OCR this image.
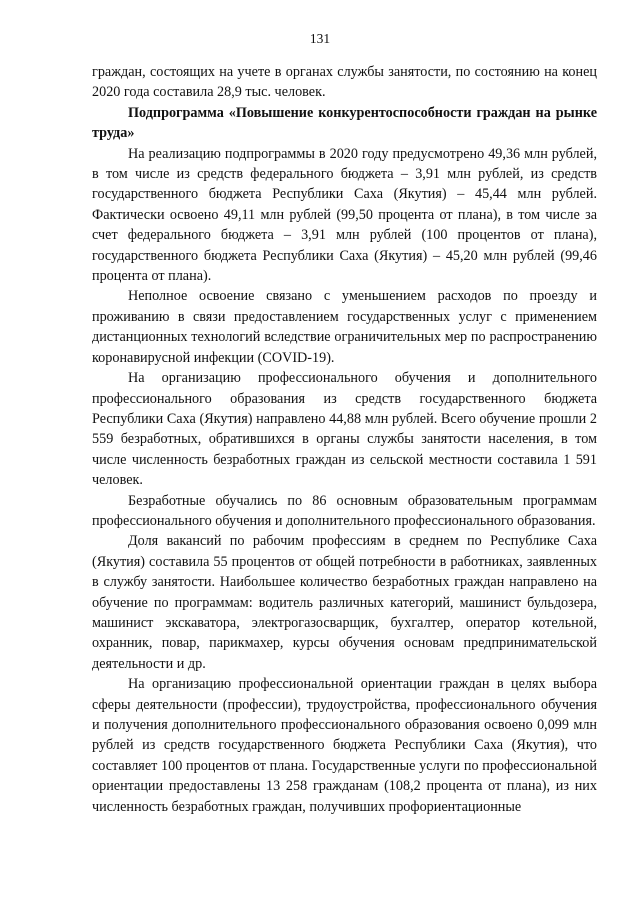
131

граждан, состоящих на учете в органах службы занятости, по состоянию на конец 2020 года составила 28,9 тыс. человек.

Подпрограмма «Повышение конкурентоспособности граждан на рынке труда»

На реализацию подпрограммы в 2020 году предусмотрено 49,36 млн рублей, в том числе из средств федерального бюджета – 3,91 млн рублей, из средств государственного бюджета Республики Саха (Якутия) – 45,44 млн рублей. Фактически освоено 49,11 млн рублей (99,50 процента от плана), в том числе за счет федерального бюджета – 3,91 млн рублей (100 процентов от плана), государственного бюджета Республики Саха (Якутия) – 45,20 млн рублей (99,46 процента от плана).

Неполное освоение связано с уменьшением расходов по проезду и проживанию в связи предоставлением государственных услуг с применением дистанционных технологий вследствие ограничительных мер по распространению коронавирусной инфекции (COVID-19).

На организацию профессионального обучения и дополнительного профессионального образования из средств государственного бюджета Республики Саха (Якутия) направлено 44,88 млн рублей. Всего обучение прошли 2 559 безработных, обратившихся в органы службы занятости населения, в том числе численность безработных граждан из сельской местности составила 1 591 человек.

Безработные обучались по 86 основным образовательным программам профессионального обучения и дополнительного профессионального образования.

Доля вакансий по рабочим профессиям в среднем по Республике Саха (Якутия) составила 55 процентов от общей потребности в работниках, заявленных в службу занятости. Наибольшее количество безработных граждан направлено на обучение по программам: водитель различных категорий, машинист бульдозера, машинист экскаватора, электрогазосварщик, бухгалтер, оператор котельной, охранник, повар, парикмахер, курсы обучения основам предпринимательской деятельности и др.

На организацию профессиональной ориентации граждан в целях выбора сферы деятельности (профессии), трудоустройства, профессионального обучения и получения дополнительного профессионального образования освоено 0,099 млн рублей из средств государственного бюджета Республики Саха (Якутия), что составляет 100 процентов от плана. Государственные услуги по профессиональной ориентации предоставлены 13 258 гражданам (108,2 процента от плана), из них численность безработных граждан, получивших профориентационные
